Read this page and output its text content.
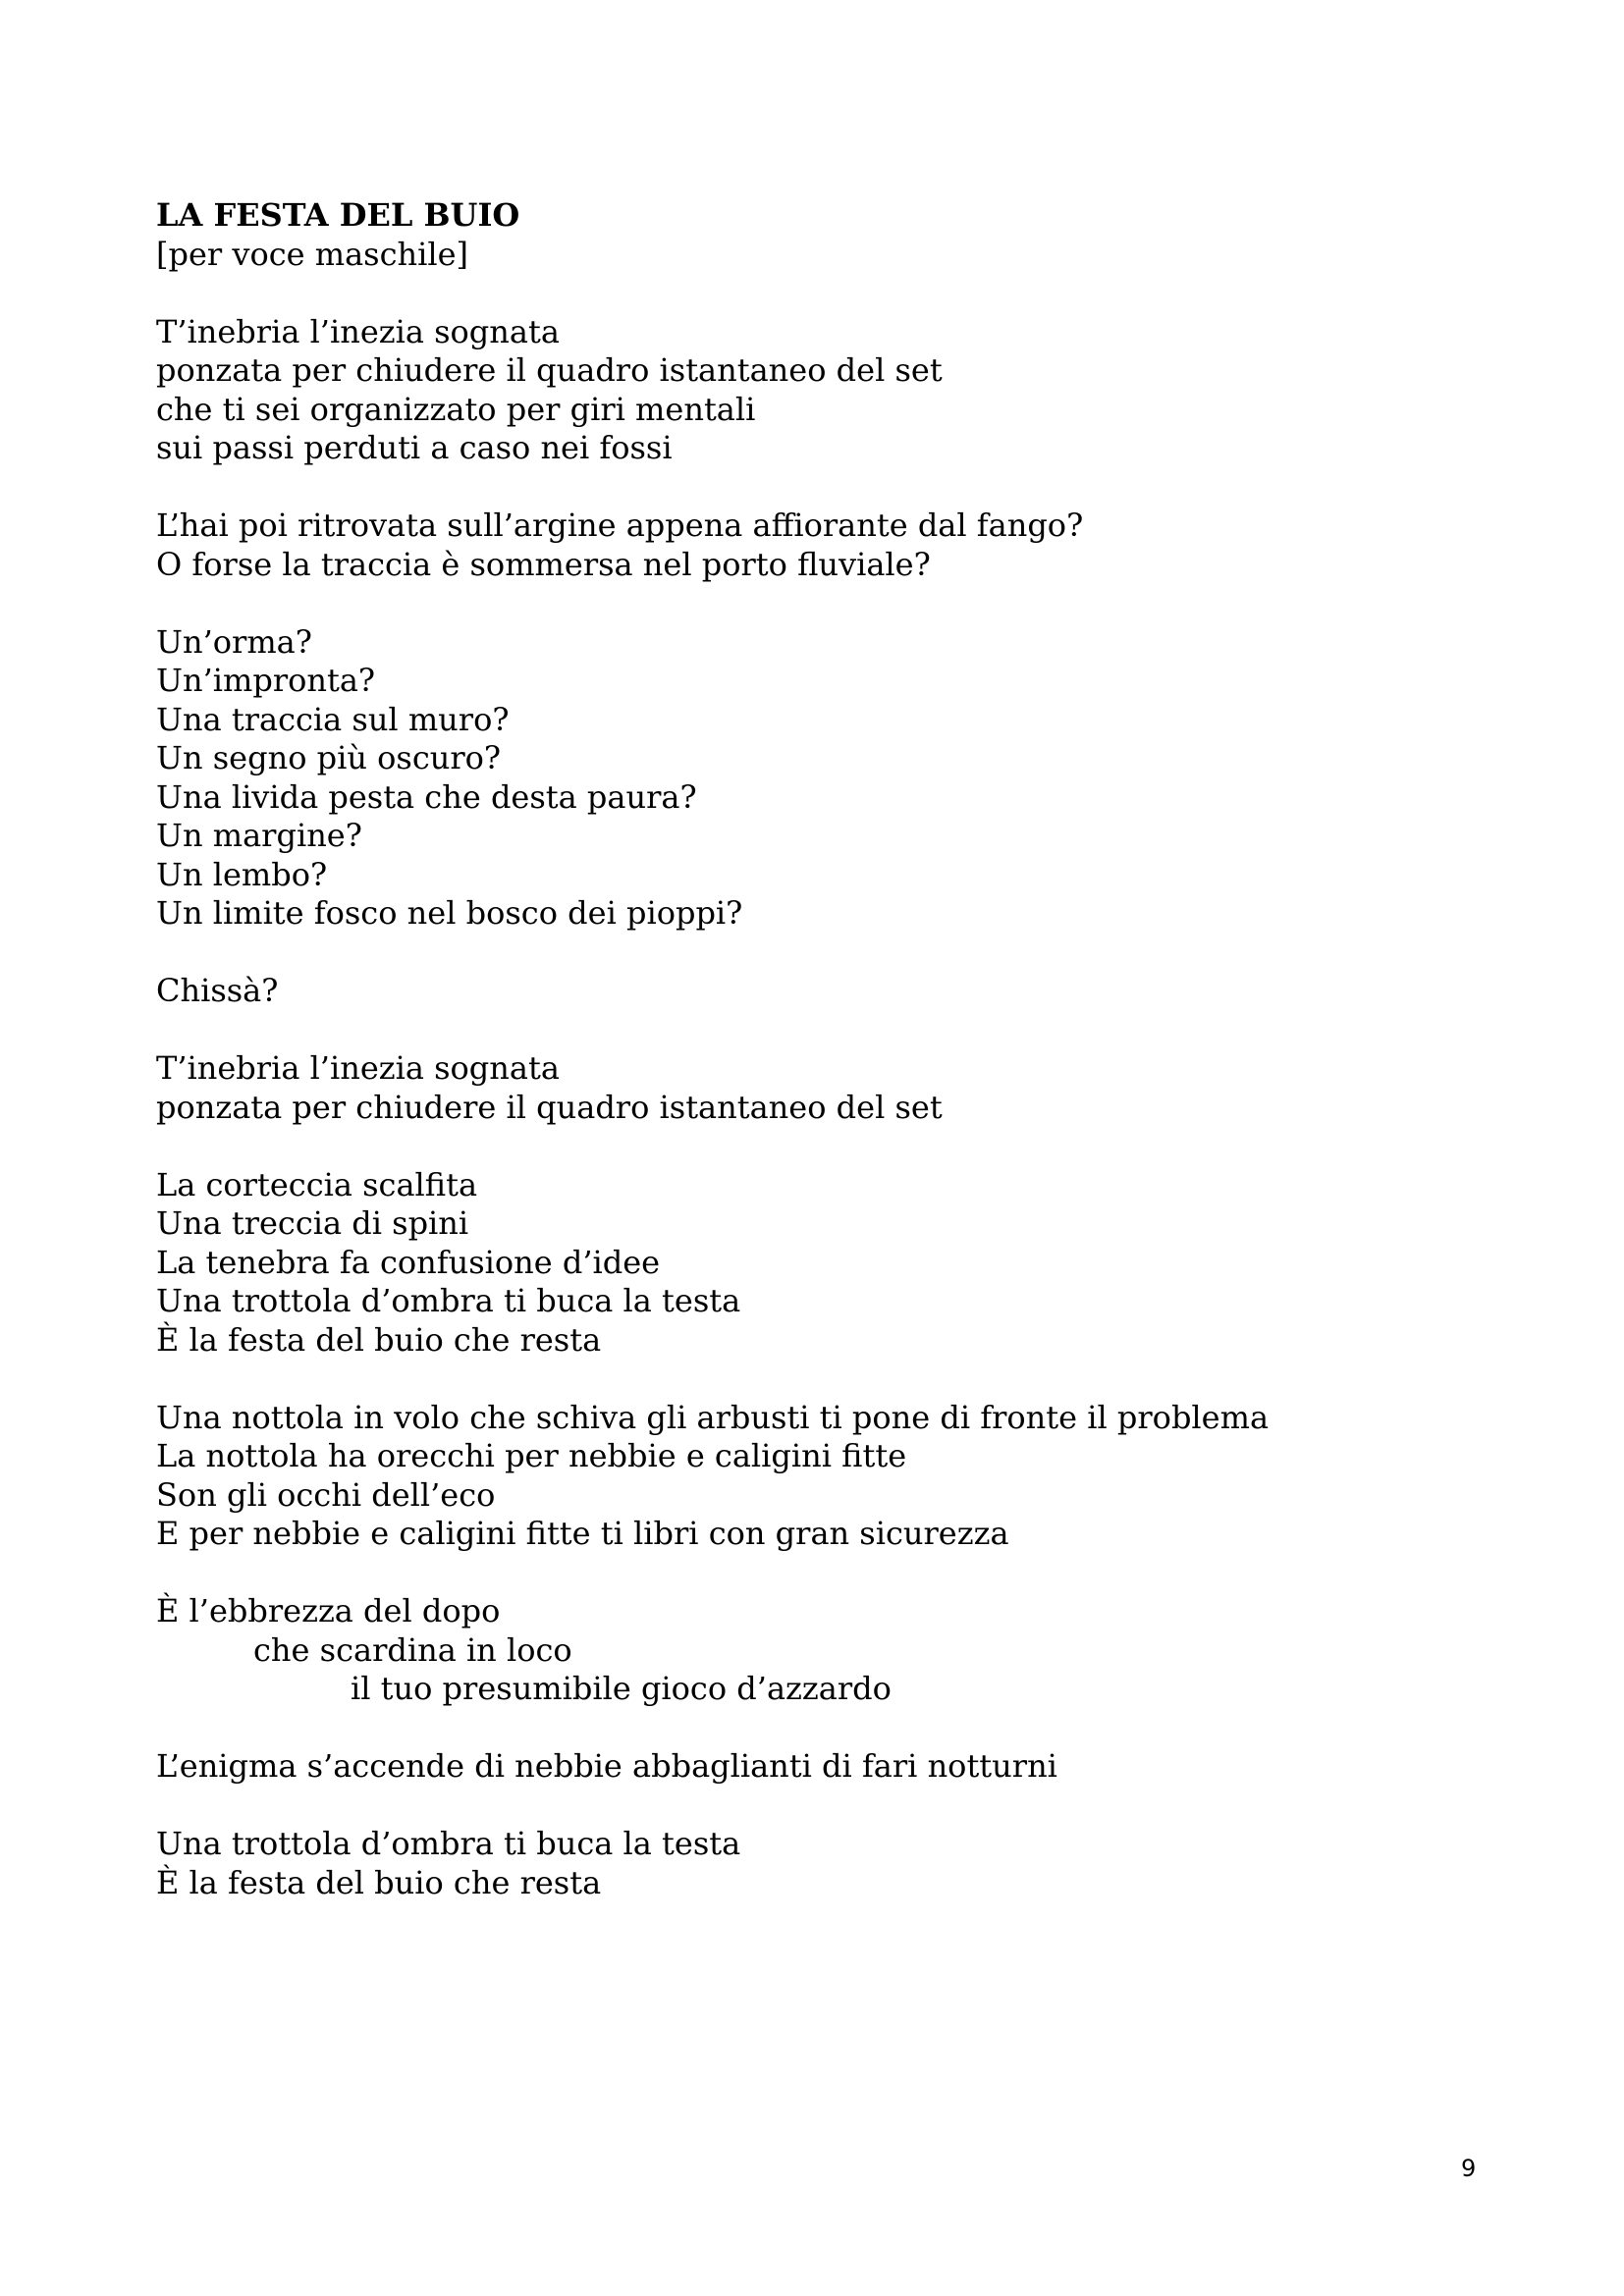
LA FESTA DEL BUIO
[per voce maschile]
T’inebria l’inezia sognata
ponzata per chiudere il quadro istantaneo del set
che ti sei organizzato per giri mentali
sui passi perduti a caso nei fossi
L’hai poi ritrovata sull’argine appena affiorante dal fango?
O forse la traccia è sommersa nel porto fluviale?
Un’orma?
Un’impronta?
Una traccia sul muro?
Un segno più oscuro?
Una livida pesta che desta paura?
Un margine?
Un lembo?
Un limite fosco nel bosco dei pioppi?
Chissà?
T’inebria l’inezia sognata
ponzata per chiudere il quadro istantaneo del set
La corteccia scalfita
Una treccia di spini
La tenebra fa confusione d’idee
Una trottola d’ombra ti buca la testa
È la festa del buio che resta
Una nottola in volo che schiva gli arbusti ti pone di fronte il problema
La nottola ha orecchi per nebbie e caligini fitte
Son gli occhi dell’eco
E per nebbie e caligini fitte ti libri con gran sicurezza
È l’ebbrezza del dopo
che scardina in loco
il tuo presumibile gioco d’azzardo
L’enigma s’accende di nebbie abbaglianti di fari notturni
Una trottola d’ombra ti buca la testa
È la festa del buio che resta
9
